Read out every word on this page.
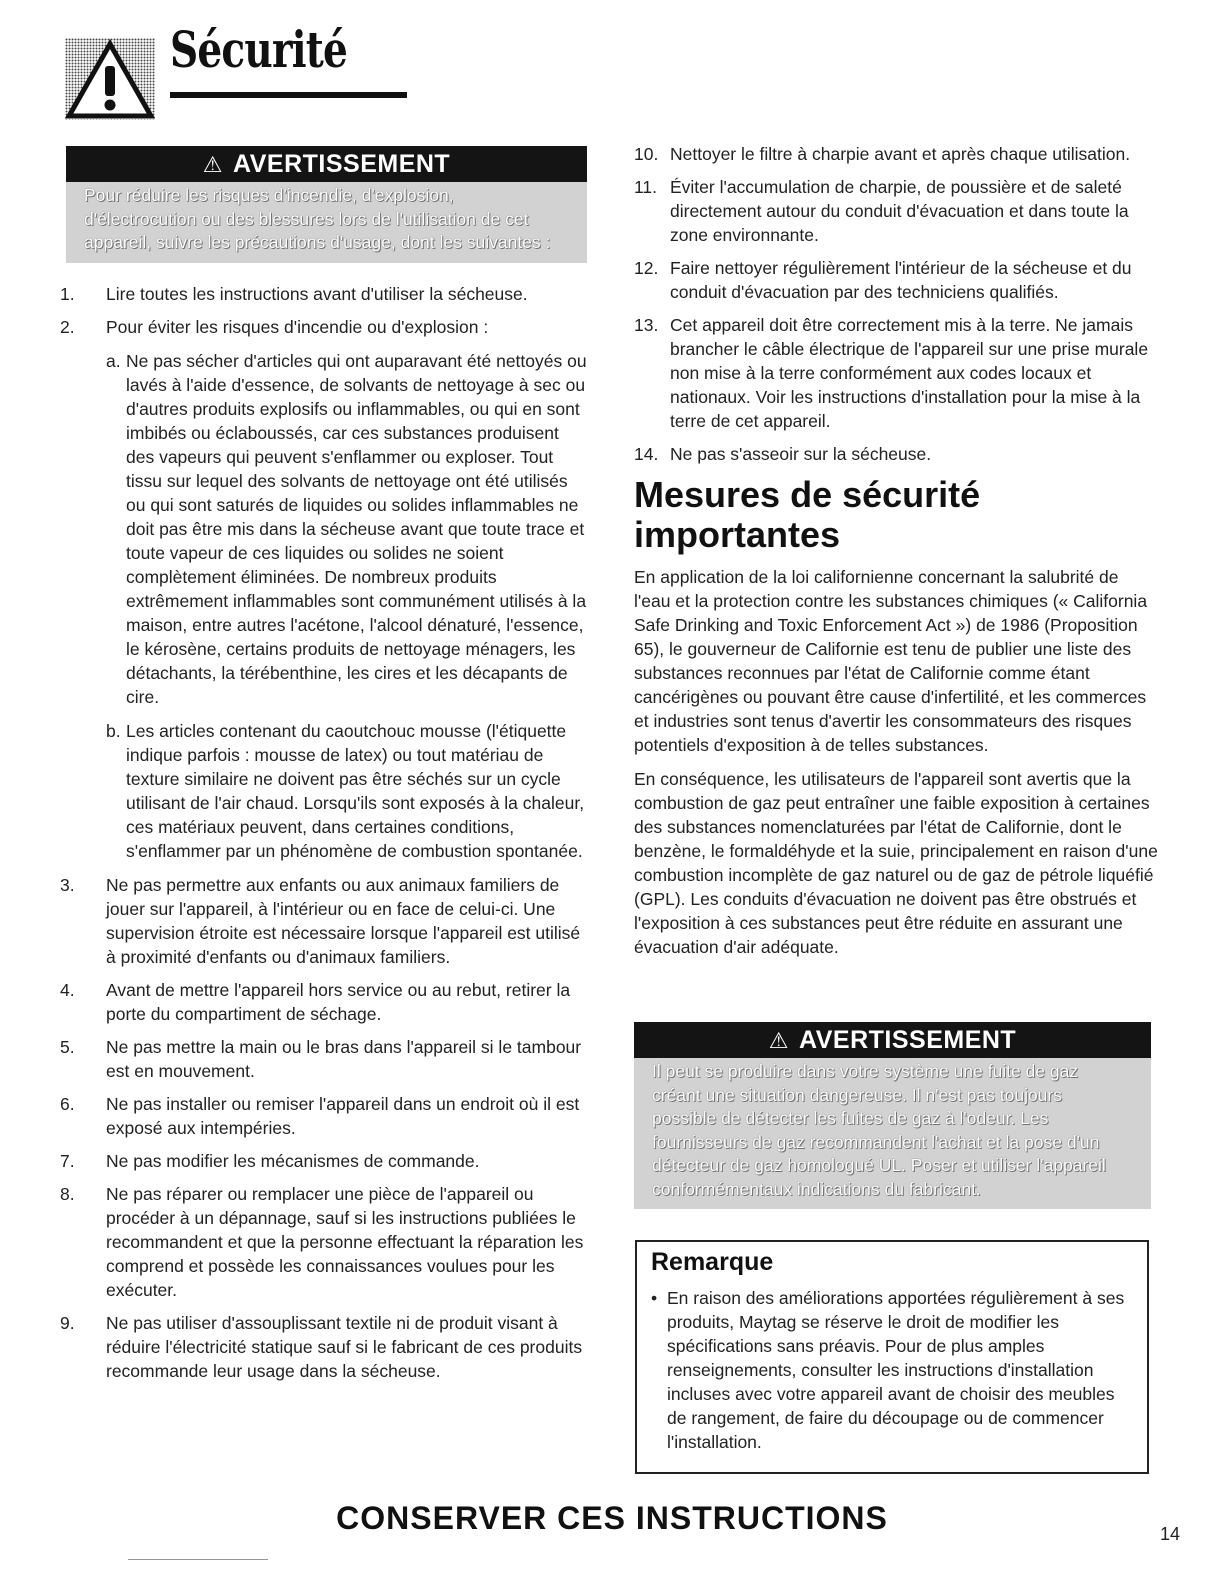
Sécurité
⚠ AVERTISSEMENT
Pour réduire les risques d'incendie, d'explosion,
d'électrocution ou des blessures lors de l'utilisation de cet
appareil, suivre les précautions d'usage, dont les suivantes :
1.	Lire toutes les instructions avant d'utiliser la sécheuse.
2.	Pour éviter les risques d'incendie ou d'explosion :
a. Ne pas sécher d'articles qui ont auparavant été nettoyés ou lavés à l'aide d'essence, de solvants de nettoyage à sec ou d'autres produits explosifs ou inflammables, ou qui en sont imbibés ou éclaboussés, car ces substances produisent des vapeurs qui peuvent s'enflammer ou exploser. Tout tissu sur lequel des solvants de nettoyage ont été utilisés ou qui sont saturés de liquides ou solides inflammables ne doit pas être mis dans la sécheuse avant que toute trace et toute vapeur de ces liquides ou solides ne soient complètement éliminées. De nombreux produits extrêmement inflammables sont communément utilisés à la maison, entre autres l'acétone, l'alcool dénaturé, l'essence, le kérosène, certains produits de nettoyage ménagers, les détachants, la térébenthine, les cires et les décapants de cire.
b. Les articles contenant du caoutchouc mousse (l'étiquette indique parfois : mousse de latex) ou tout matériau de texture similaire ne doivent pas être séchés sur un cycle utilisant de l'air chaud. Lorsqu'ils sont exposés à la chaleur, ces matériaux peuvent, dans certaines conditions, s'enflammer par un phénomène de combustion spontanée.
3.	Ne pas permettre aux enfants ou aux animaux familiers de jouer sur l'appareil, à l'intérieur ou en face de celui-ci. Une supervision étroite est nécessaire lorsque l'appareil est utilisé à proximité d'enfants ou d'animaux familiers.
4.	Avant de mettre l'appareil hors service ou au rebut, retirer la porte du compartiment de séchage.
5.	Ne pas mettre la main ou le bras dans l'appareil si le tambour est en mouvement.
6.	Ne pas installer ou remiser l'appareil dans un endroit où il est exposé aux intempéries.
7.	Ne pas modifier les mécanismes de commande.
8.	Ne pas réparer ou remplacer une pièce de l'appareil ou procéder à un dépannage, sauf si les instructions publiées le recommandent et que la personne effectuant la réparation les comprend et possède les connaissances voulues pour les exécuter.
9.	Ne pas utiliser d'assouplissant textile ni de produit visant à réduire l'électricité statique sauf si le fabricant de ces produits recommande leur usage dans la sécheuse.
10. Nettoyer le filtre à charpie avant et après chaque utilisation.
11. Éviter l'accumulation de charpie, de poussière et de saleté directement autour du conduit d'évacuation et dans toute la zone environnante.
12. Faire nettoyer régulièrement l'intérieur de la sécheuse et du conduit d'évacuation par des techniciens qualifiés.
13. Cet appareil doit être correctement mis à la terre. Ne jamais brancher le câble électrique de l'appareil sur une prise murale non mise à la terre conformément aux codes locaux et nationaux. Voir les instructions d'installation pour la mise à la terre de cet appareil.
14. Ne pas s'asseoir sur la sécheuse.
Mesures de sécurité importantes

En application de la loi californienne concernant la salubrité de l'eau et la protection contre les substances chimiques (« California Safe Drinking and Toxic Enforcement Act ») de 1986 (Proposition 65), le gouverneur de Californie est tenu de publier une liste des substances reconnues par l'état de Californie comme étant cancérigènes ou pouvant être cause d'infertilité, et les commerces et industries sont tenus d'avertir les consommateurs des risques potentiels d'exposition à de telles substances.

En conséquence, les utilisateurs de l'appareil sont avertis que la combustion de gaz peut entraîner une faible exposition à certaines des substances nomenclaturées par l'état de Californie, dont le benzène, le formaldéhyde et la suie, principalement en raison d'une combustion incomplète de gaz naturel ou de gaz de pétrole liquéfié (GPL). Les conduits d'évacuation ne doivent pas être obstrués et l'exposition à ces substances peut être réduite en assurant une évacuation d'air adéquate.

⚠ AVERTISSEMENT
Il peut se produire dans votre système une fuite de gaz
créant une situation dangereuse. Il n'est pas toujours
possible de détecter les fuites de gaz à l'odeur. Les
fournisseurs de gaz recommandent l'achat et la pose d'un
détecteur de gaz homologué UL. Poser et utiliser l'appareil
conformémentaux indications du fabricant.
Remarque
• En raison des améliorations apportées régulièrement à ses produits, Maytag se réserve le droit de modifier les spécifications sans préavis. Pour de plus amples renseignements, consulter les instructions d'installation incluses avec votre appareil avant de choisir des meubles de rangement, de faire du découpage ou de commencer l'installation.
CONSERVER CES INSTRUCTIONS	14
